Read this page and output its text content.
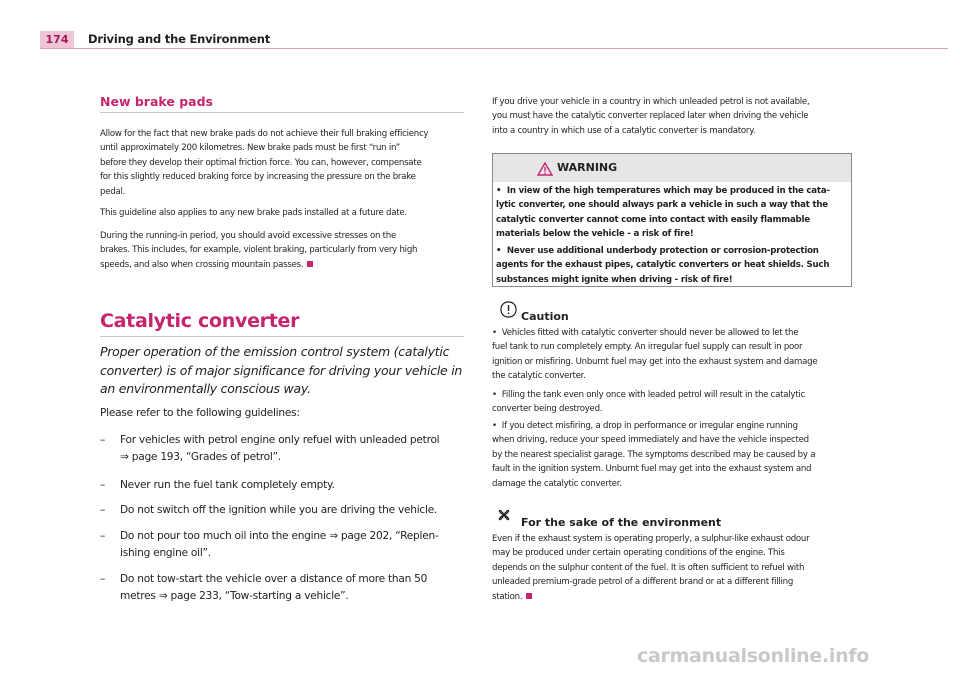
174	Driving and the Environment
New brake pads
Allow for the fact that new brake pads do not achieve their full braking efficiency
until approximately 200 kilometres. New brake pads must be first “run in”
before they develop their optimal friction force. You can, however, compensate
for this slightly reduced braking force by increasing the pressure on the brake
pedal.
This guideline also applies to any new brake pads installed at a future date.
During the running-in period, you should avoid excessive stresses on the
brakes. This includes, for example, violent braking, particularly from very high
speeds, and also when crossing mountain passes.
Catalytic converter
Proper operation of the emission control system (catalytic
converter) is of major significance for driving your vehicle in
an environmentally conscious way.
Please refer to the following guidelines:
–	For vehicles with petrol engine only refuel with unleaded petrol
⇒ page 193, “Grades of petrol”.
–	Never run the fuel tank completely empty.
–	Do not switch off the ignition while you are driving the vehicle.
–	Do not pour too much oil into the engine ⇒ page 202, “Replen-
ishing engine oil”.
–	Do not tow-start the vehicle over a distance of more than 50
metres ⇒ page 233, “Tow-starting a vehicle”.
If you drive your vehicle in a country in which unleaded petrol is not available,
you must have the catalytic converter replaced later when driving the vehicle
into a country in which use of a catalytic converter is mandatory.
WARNING
• In view of the high temperatures which may be produced in the cata-
lytic converter, one should always park a vehicle in such a way that the
catalytic converter cannot come into contact with easily flammable
materials below the vehicle - a risk of fire!
• Never use additional underbody protection or corrosion-protection
agents for the exhaust pipes, catalytic converters or heat shields. Such
substances might ignite when driving - risk of fire!
Caution
• Vehicles fitted with catalytic converter should never be allowed to let the
fuel tank to run completely empty. An irregular fuel supply can result in poor
ignition or misfiring. Unburnt fuel may get into the exhaust system and damage
the catalytic converter.
• Filling the tank even only once with leaded petrol will result in the catalytic
converter being destroyed.
• If you detect misfiring, a drop in performance or irregular engine running
when driving, reduce your speed immediately and have the vehicle inspected
by the nearest specialist garage. The symptoms described may be caused by a
fault in the ignition system. Unburnt fuel may get into the exhaust system and
damage the catalytic converter.
For the sake of the environment
Even if the exhaust system is operating properly, a sulphur-like exhaust odour
may be produced under certain operating conditions of the engine. This
depends on the sulphur content of the fuel. It is often sufficient to refuel with
unleaded premium-grade petrol of a different brand or at a different filling
station.
carmanualsonline.info
